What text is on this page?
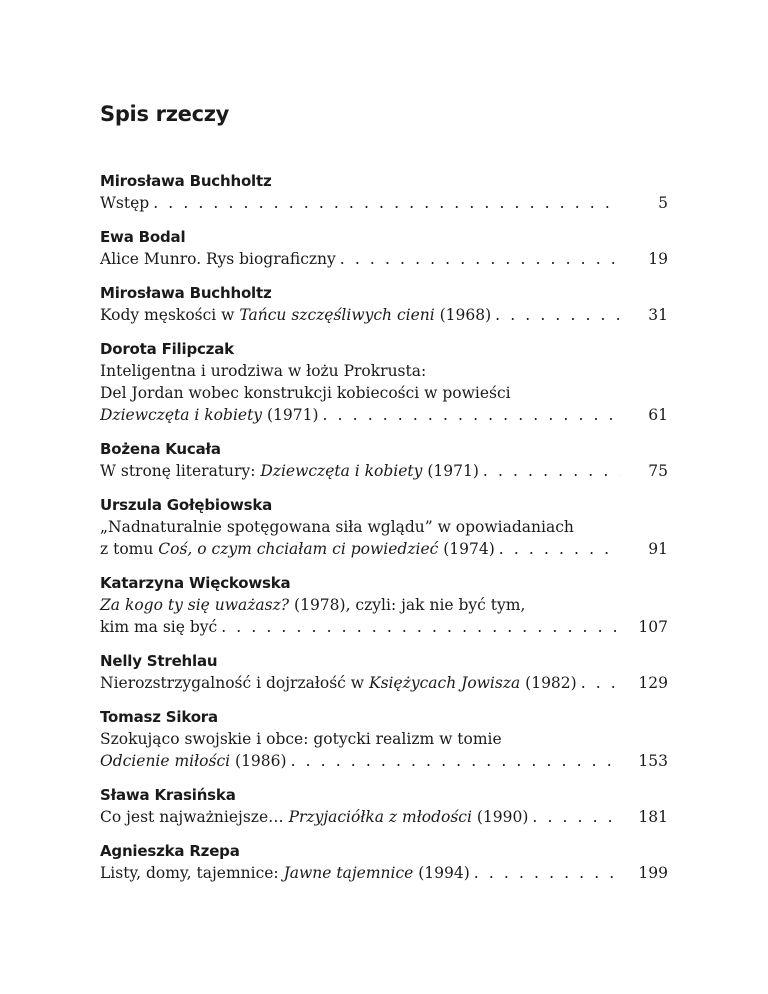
Spis rzeczy
Mirosława Buchholtz
Wstęp . . .	5
Ewa Bodal
Alice Munro. Rys biograficzny . . .	19
Mirosława Buchholtz
Kody męskości w Tańcu szczęśliwych cieni (1968) . . .	31
Dorota Filipczak
Inteligentna i urodziwa w łożu Prokrusta:
Del Jordan wobec konstrukcji kobiecości w powieści
Dziewczęta i kobiety (1971) . . .	61
Bożena Kucała
W stronę literatury: Dziewczęta i kobiety (1971) . . .	75
Urszula Gołębiowska
„Nadnaturalnie spotęgowana siła wglądu” w opowiadaniach
z tomu Coś, o czym chciałam ci powiedzieć (1974) . . .	91
Katarzyna Więckowska
Za kogo ty się uważasz? (1978), czyli: jak nie być tym,
kim ma się być . . .	107
Nelly Strehlau
Nierozstrzygalność i dojrzałość w Księżycach Jowisza (1982) . . .	129
Tomasz Sikora
Szokująco swojskie i obce: gotycki realizm w tomie
Odcienie miłości (1986) . . .	153
Sława Krasińska
Co jest najważniejsze… Przyjaciółka z młodości (1990) . . .	181
Agnieszka Rzepa
Listy, domy, tajemnice: Jawne tajemnice (1994) . . .	199
